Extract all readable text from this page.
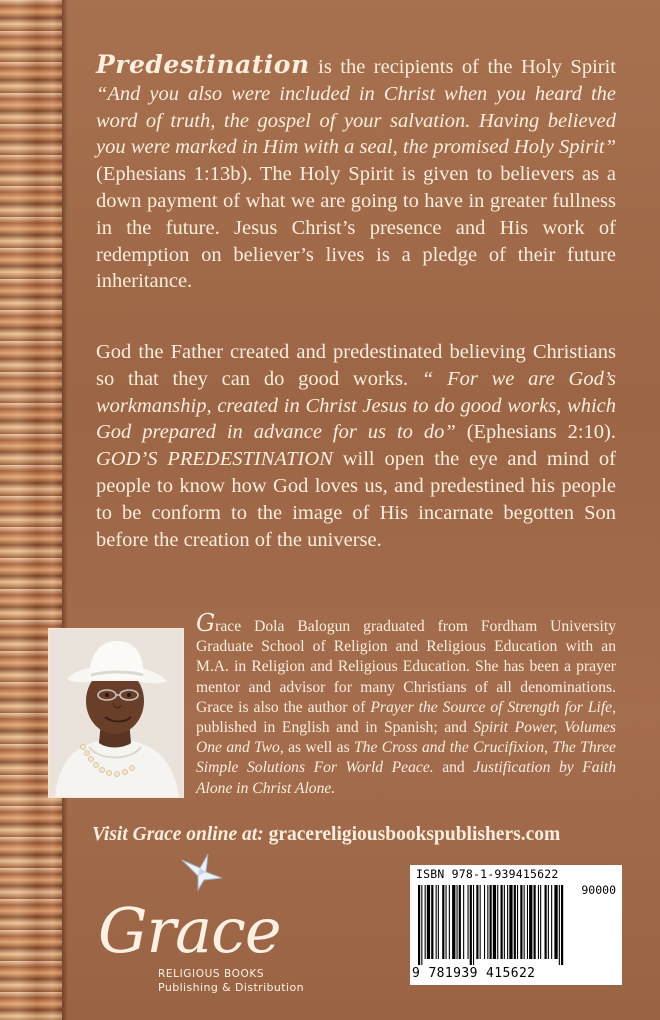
Predestination is the recipients of the Holy Spirit “And you also were included in Christ when you heard the word of truth, the gospel of your salvation. Having believed you were marked in Him with a seal, the promised Holy Spirit” (Ephesians 1:13b). The Holy Spirit is given to believers as a down payment of what we are going to have in greater fullness in the future. Jesus Christ’s presence and His work of redemption on believer’s lives is a pledge of their future inheritance.
God the Father created and predestinated believing Christians so that they can do good works. “ For we are God’s workmanship, created in Christ Jesus to do good works, which God prepared in advance for us to do” (Ephesians 2:10). GOD’S PREDESTINATION will open the eye and mind of people to know how God loves us, and predestined his people to be conform to the image of His incarnate begotten Son before the creation of the universe.
Grace Dola Balogun graduated from Fordham University Graduate School of Religion and Religious Education with an M.A. in Religion and Religious Education. She has been a prayer mentor and advisor for many Christians of all denominations. Grace is also the author of Prayer the Source of Strength for Life, published in English and in Spanish; and Spirit Power, Volumes One and Two, as well as The Cross and the Crucifixion, The Three Simple Solutions For World Peace. and Justification by Faith Alone in Christ Alone.
Visit Grace online at: gracereligiousbookspublishers.com
Grace
RELIGIOUS BOOKS
Publishing & Distribution
ISBN 978-1-939415622
90000
9 781939 415622
